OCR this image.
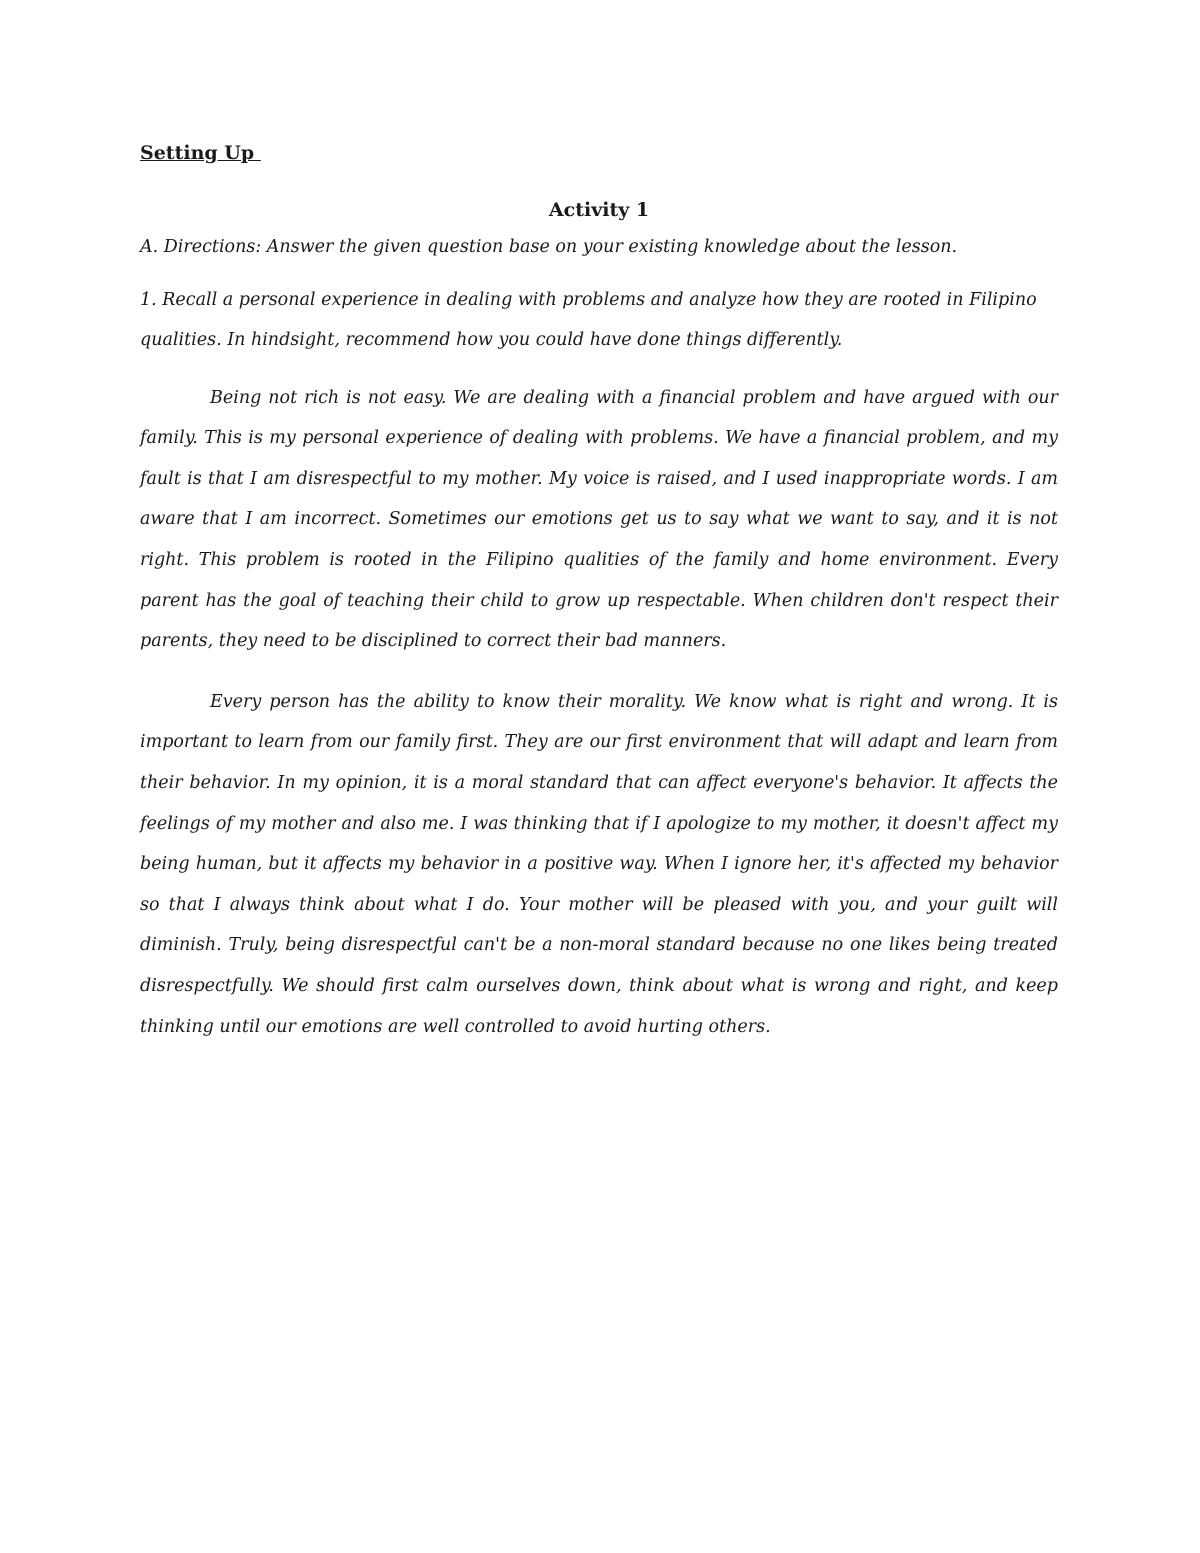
Setting Up

Activity 1

A. Directions: Answer the given question base on your existing knowledge about the lesson.

1. Recall a personal experience in dealing with problems and analyze how they are rooted in Filipino qualities. In hindsight, recommend how you could have done things differently.

Being not rich is not easy. We are dealing with a financial problem and have argued with our family. This is my personal experience of dealing with problems. We have a financial problem, and my fault is that I am disrespectful to my mother. My voice is raised, and I used inappropriate words. I am aware that I am incorrect. Sometimes our emotions get us to say what we want to say, and it is not right. This problem is rooted in the Filipino qualities of the family and home environment. Every parent has the goal of teaching their child to grow up respectable. When children don't respect their parents, they need to be disciplined to correct their bad manners.

Every person has the ability to know their morality. We know what is right and wrong. It is important to learn from our family first. They are our first environment that will adapt and learn from their behavior. In my opinion, it is a moral standard that can affect everyone's behavior. It affects the feelings of my mother and also me. I was thinking that if I apologize to my mother, it doesn't affect my being human, but it affects my behavior in a positive way. When I ignore her, it's affected my behavior so that I always think about what I do. Your mother will be pleased with you, and your guilt will diminish. Truly, being disrespectful can't be a non-moral standard because no one likes being treated disrespectfully. We should first calm ourselves down, think about what is wrong and right, and keep thinking until our emotions are well controlled to avoid hurting others.
